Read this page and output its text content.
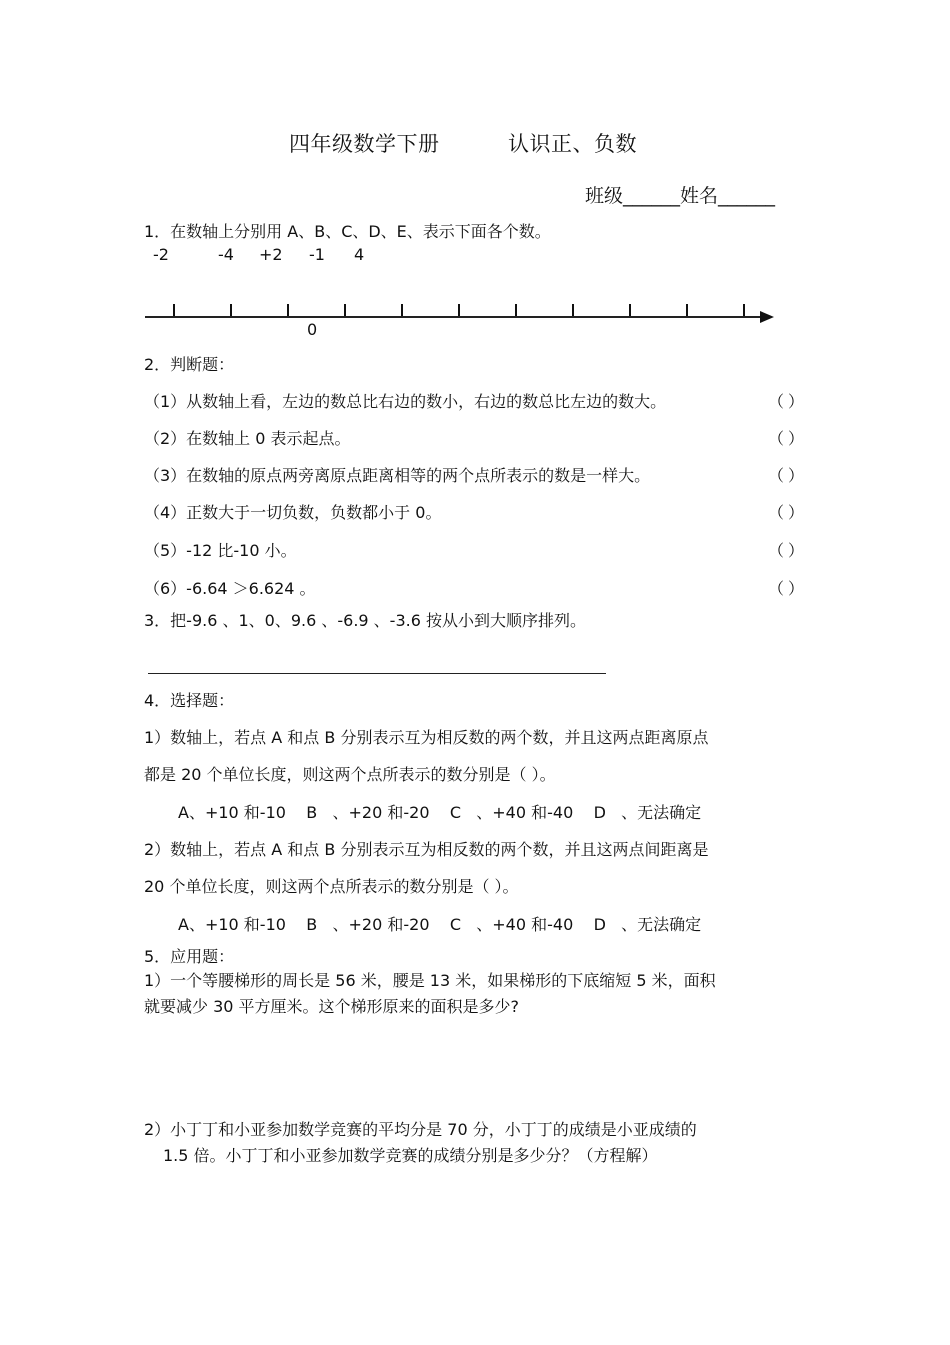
四年级数学下册	认识正、负数
班级______姓名______
1．在数轴上分别用 A、B、C、D、E、表示下面各个数。
-2	-4 +2 -1 4
0
2．判断题：
（1）从数轴上看，左边的数总比右边的数小，右边的数总比左边的数大。	（ ）
（2）在数轴上 0 表示起点。	（ ）
（3）在数轴的原点两旁离原点距离相等的两个点所表示的数是一样大。	（ ）
（4）正数大于一切负数，负数都小于 0。	（ ）
（5）-12 比-10 小。	（ ）
（6）-6.64 ＞6.624 。	（ ）
3．把-9.6 、1、0、9.6 、-6.9 、-3.6 按从小到大顺序排列。
4．选择题：
1）数轴上，若点 A 和点 B 分别表示互为相反数的两个数，并且这两点距离原点
都是 20 个单位长度，则这两个点所表示的数分别是（ ）。
A、+10 和-10    B   、+20 和-20    C   、+40 和-40    D   、无法确定
2）数轴上，若点 A 和点 B 分别表示互为相反数的两个数，并且这两点间距离是
20 个单位长度，则这两个点所表示的数分别是（ ）。
A、+10 和-10    B   、+20 和-20    C   、+40 和-40    D   、无法确定
5．应用题：
1）一个等腰梯形的周长是 56 米，腰是 13 米，如果梯形的下底缩短 5 米，面积
就要减少 30 平方厘米。这个梯形原来的面积是多少?
2）小丁丁和小亚参加数学竞赛的平均分是 70 分，小丁丁的成绩是小亚成绩的
1.5 倍。小丁丁和小亚参加数学竞赛的成绩分别是多少分？（方程解）
